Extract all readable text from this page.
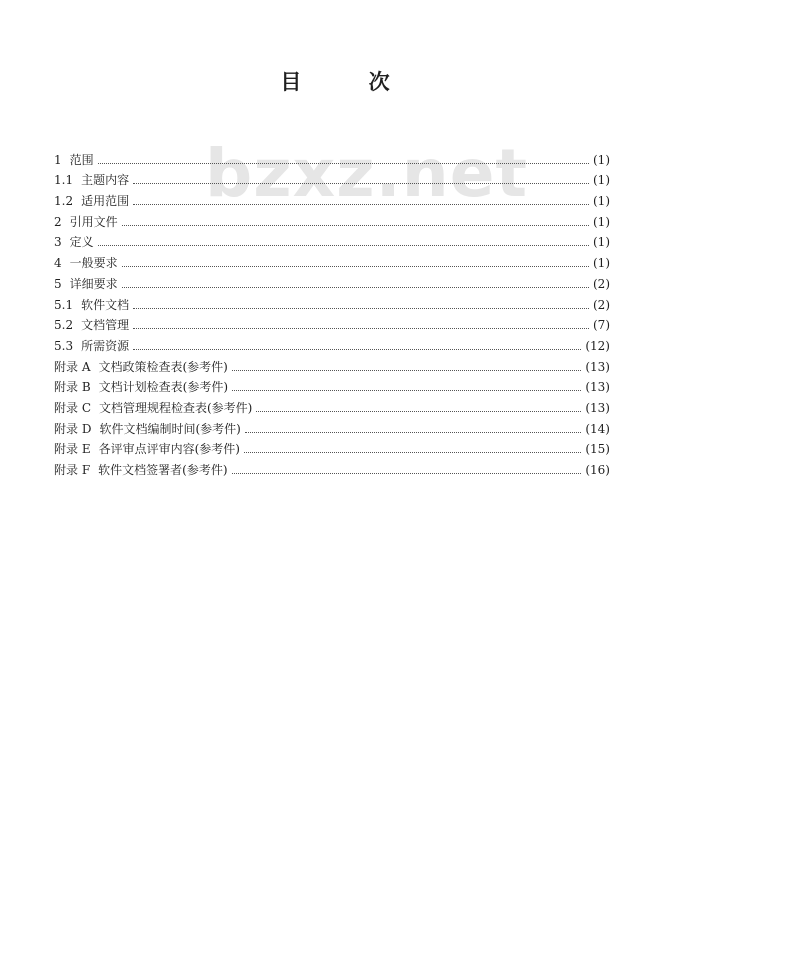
bzxz.net
目	次
1 范围	(1)
1.1 主题内容	(1)
1.2 适用范围	(1)
2 引用文件	(1)
3 定义	(1)
4 一般要求	(1)
5 详细要求	(2)
5.1 软件文档	(2)
5.2 文档管理	(7)
5.3 所需资源	(12)
附录 A 文档政策检查表(参考件)	(13)
附录 B 文档计划检查表(参考件)	(13)
附录 C 文档管理规程检查表(参考件)	(13)
附录 D 软件文档编制时间(参考件)	(14)
附录 E 各评审点评审内容(参考件)	(15)
附录 F 软件文档签署者(参考件)	(16)
